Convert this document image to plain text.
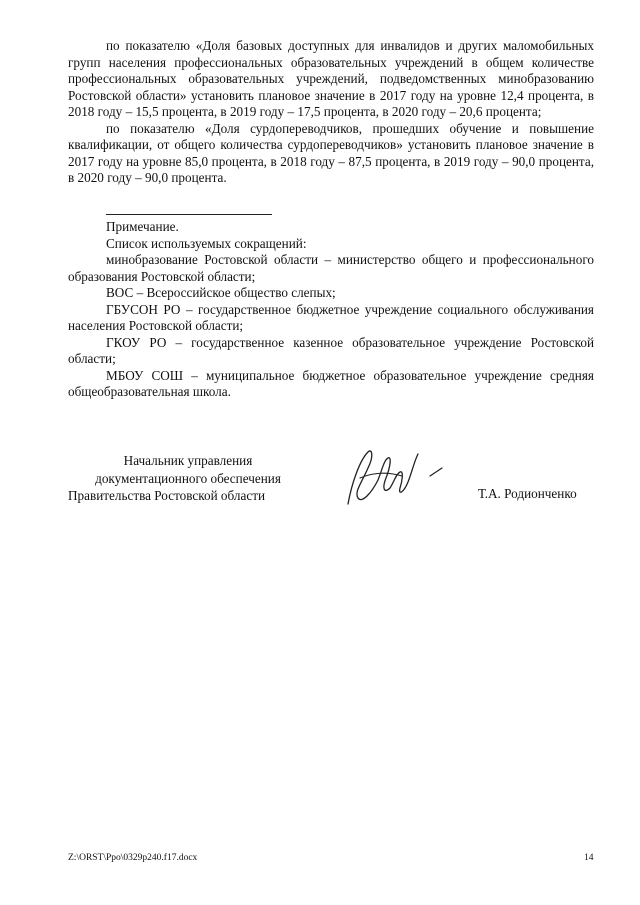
по показателю «Доля базовых доступных для инвалидов и других маломобильных групп населения профессиональных образовательных учреждений в общем количестве профессиональных образовательных учреждений, подведомственных минобразованию Ростовской области» установить плановое значение в 2017 году на уровне 12,4 процента, в 2018 году – 15,5 процента, в 2019 году – 17,5 процента, в 2020 году – 20,6 процента;

по показателю «Доля сурдопереводчиков, прошедших обучение и повышение квалификации, от общего количества сурдопереводчиков» установить плановое значение в 2017 году на уровне 85,0 процента, в 2018 году – 87,5 процента, в 2019 году – 90,0 процента, в 2020 году – 90,0 процента.

Примечание.

Список используемых сокращений:

минобразование Ростовской области – министерство общего и профессионального образования Ростовской области;

ВОС – Всероссийское общество слепых;

ГБУСОН РО – государственное бюджетное учреждение социального обслуживания населения Ростовской области;

ГКОУ РО – государственное казенное образовательное учреждение Ростовской области;

МБОУ СОШ – муниципальное бюджетное образовательное учреждение средняя общеобразовательная школа.

Начальник управления
документационного обеспечения
Правительства Ростовской области	Т.А. Родионченко
Z:\ORST\Ppo\0329p240.f17.docx	14
